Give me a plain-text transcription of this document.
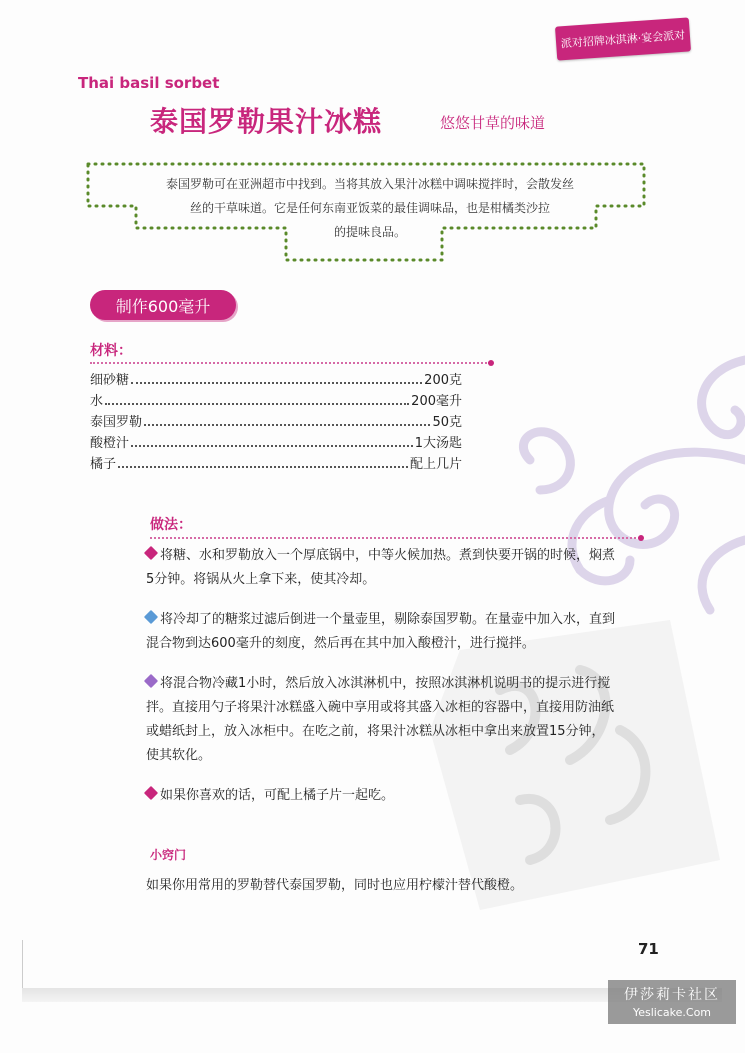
派对招牌冰淇淋·宴会派对
Thai basil sorbet
泰国罗勒果汁冰糕	悠悠甘草的味道
泰国罗勒可在亚洲超市中找到。当将其放入果汁冰糕中调味搅拌时，会散发丝
丝的干草味道。它是任何东南亚饭菜的最佳调味品，也是柑橘类沙拉
的提味良品。
制作600毫升
材料：
细砂糖	200克
水	200毫升
泰国罗勒	50克
酸橙汁	1大汤匙
橘子	配上几片
做法：
将糖、水和罗勒放入一个厚底锅中，中等火候加热。煮到快要开锅的时候，焖煮5分钟。将锅从火上拿下来，使其冷却。
将冷却了的糖浆过滤后倒进一个量壶里，剔除泰国罗勒。在量壶中加入水，直到混合物到达600毫升的刻度，然后再在其中加入酸橙汁，进行搅拌。
将混合物冷藏1小时，然后放入冰淇淋机中，按照冰淇淋机说明书的提示进行搅拌。直接用勺子将果汁冰糕盛入碗中享用或将其盛入冰柜的容器中，直接用防油纸或蜡纸封上，放入冰柜中。在吃之前，将果汁冰糕从冰柜中拿出来放置15分钟，使其软化。
如果你喜欢的话，可配上橘子片一起吃。
小窍门
如果你用常用的罗勒替代泰国罗勒，同时也应用柠檬汁替代酸橙。
71
伊莎莉卡社区
Yeslicake.Com
